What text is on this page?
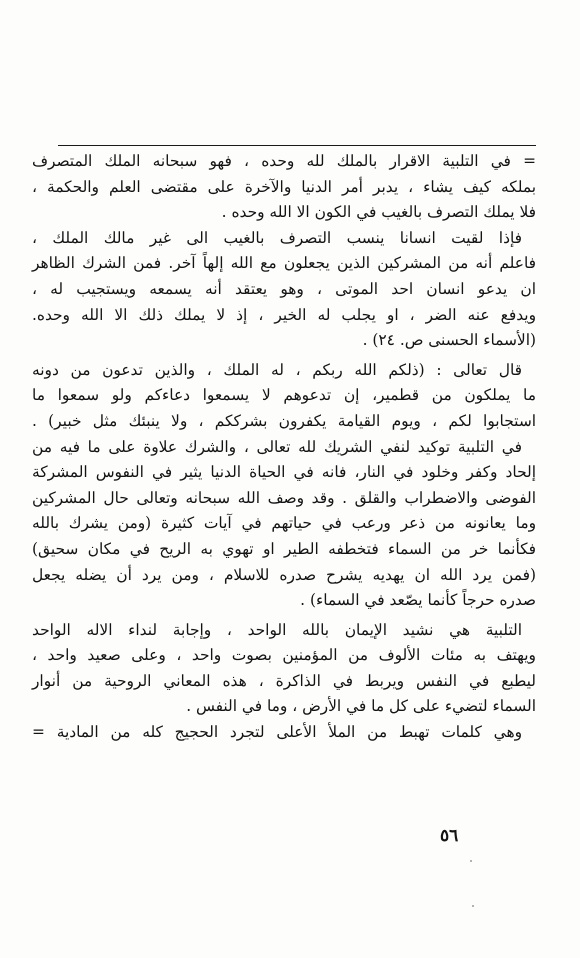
= في التلبية الاقرار بالملك لله وحده ، فهو سبحانه الملك المتصرف
بملكه كيف يشاء ، يدبر أمر الدنيا والآخرة على مقتضى العلم والحكمة ،
فلا يملك التصرف بالغيب في الكون الا الله وحده .
فإذا لقيت انسانا ينسب التصرف بالغيب الى غير مالك الملك ،
فاعلم أنه من المشركين الذين يجعلون مع الله إلهاً آخر. فمن الشرك الظاهر
ان يدعو انسان احد الموتى ، وهو يعتقد أنه يسمعه ويستجيب له ،
ويدفع عنه الضر ، او يجلب له الخير ، إذ لا يملك ذلك الا الله وحده.
(الأسماء الحسنى ص. ٢٤) .
قال تعالى : (ذلكم الله ربكم ، له الملك ، والذين تدعون من دونه
ما يملكون من قطمير، إن تدعوهم لا يسمعوا دعاءكم ولو سمعوا ما
استجابوا لكم ، ويوم القيامة يكفرون بشرككم ، ولا ينبئك مثل خبير) .
في التلبية توكيد لنفي الشريك لله تعالى ، والشرك علاوة على ما فيه من
إلحاد وكفر وخلود في النار، فانه في الحياة الدنيا يثير في النفوس المشركة
الفوضى والاضطراب والقلق . وقد وصف الله سبحانه وتعالى حال المشركين
وما يعانونه من ذعر ورعب في حياتهم في آيات كثيرة (ومن يشرك بالله
فكأنما خر من السماء فتخطفه الطير او تهوي به الريح في مكان سحيق)
(فمن يرد الله ان يهديه يشرح صدره للاسلام ، ومن يرد أن يضله يجعل
صدره حرجاً كأنما يصّعد في السماء) .
التلبية هي نشيد الإيمان بالله الواحد ، وإجابة لنداء الاله الواحد
ويهتف به مئات الألوف من المؤمنين بصوت واحد ، وعلى صعيد واحد ،
ليطبع في النفس ويربط في الذاكرة ، هذه المعاني الروحية من أنوار
السماء لتضيء على كل ما في الأرض ، وما في النفس .
وهي كلمات تهبط من الملأ الأعلى لتجرد الحجيج كله من المادية =
٥٦
